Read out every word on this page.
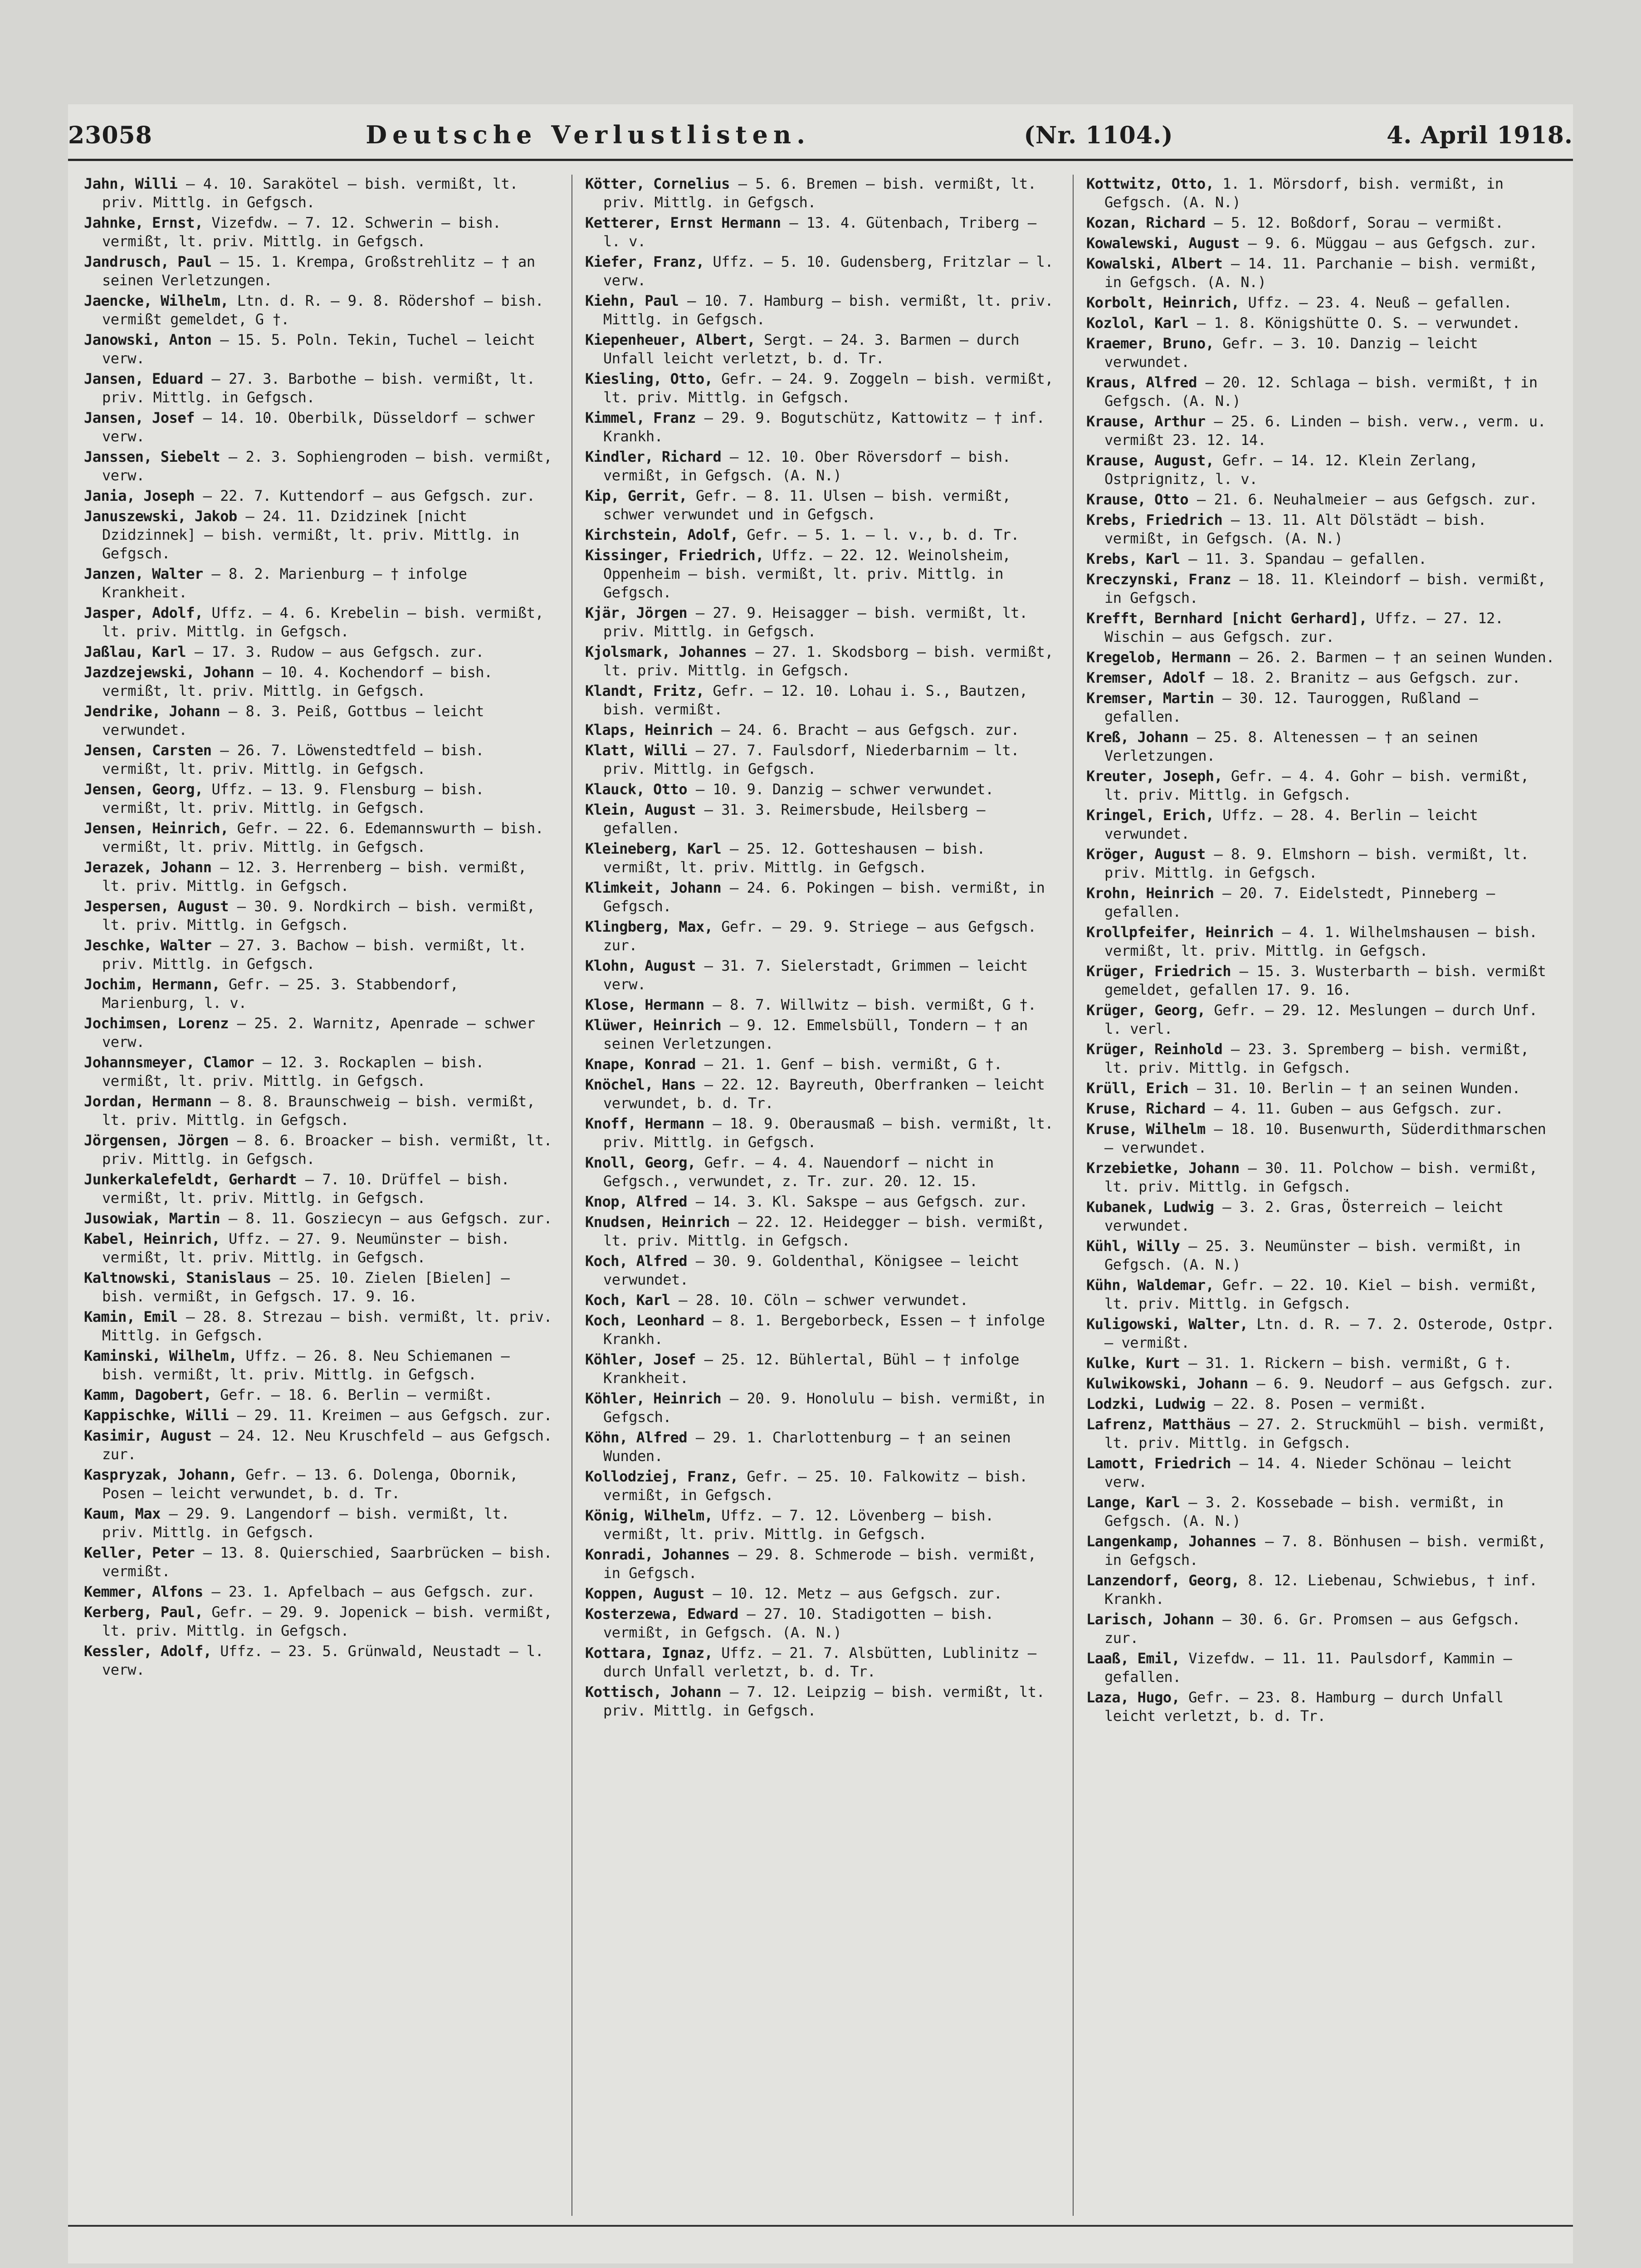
23058	Deutsche Verlustlisten.	(Nr. 1104.)	4. April 1918.
Jahn, Willi — 4. 10. Sarakötel — bish. vermißt, lt. priv. Mittlg. in Gefgsch.
Jahnke, Ernst, Vizefdw. — 7. 12. Schwerin — bish. vermißt, lt. priv. Mittlg. in Gefgsch.
Jandrusch, Paul — 15. 1. Krempa, Großstrehlitz — † an seinen Verletzungen.
Jaencke, Wilhelm, Ltn. d. R. — 9. 8. Rödershof — bish. vermißt gemeldet, G †.
Janowski, Anton — 15. 5. Poln. Tekin, Tuchel — leicht verw.
Jansen, Eduard — 27. 3. Barbothe — bish. vermißt, lt. priv. Mittlg. in Gefgsch.
Jansen, Josef — 14. 10. Oberbilk, Düsseldorf — schwer verw.
Janssen, Siebelt — 2. 3. Sophiengroden — bish. vermißt, verw.
Jania, Joseph — 22. 7. Kuttendorf — aus Gefgsch. zur.
Januszewski, Jakob — 24. 11. Dzidzinek [nicht Dzidzinnek] — bish. vermißt, lt. priv. Mittlg. in Gefgsch.
Janzen, Walter — 8. 2. Marienburg — † infolge Krankheit.
Jasper, Adolf, Uffz. — 4. 6. Krebelin — bish. vermißt, lt. priv. Mittlg. in Gefgsch.
Jaßlau, Karl — 17. 3. Rudow — aus Gefgsch. zur.
Jazdzejewski, Johann — 10. 4. Kochendorf — bish. vermißt, lt. priv. Mittlg. in Gefgsch.
Jendrike, Johann — 8. 3. Peiß, Gottbus — leicht verwundet.
Jensen, Carsten — 26. 7. Löwenstedtfeld — bish. vermißt, lt. priv. Mittlg. in Gefgsch.
Jensen, Georg, Uffz. — 13. 9. Flensburg — bish. vermißt, lt. priv. Mittlg. in Gefgsch.
Jensen, Heinrich, Gefr. — 22. 6. Edemannswurth — bish. vermißt, lt. priv. Mittlg. in Gefgsch.
Jerazek, Johann — 12. 3. Herrenberg — bish. vermißt, lt. priv. Mittlg. in Gefgsch.
Jespersen, August — 30. 9. Nordkirch — bish. vermißt, lt. priv. Mittlg. in Gefgsch.
Jeschke, Walter — 27. 3. Bachow — bish. vermißt, lt. priv. Mittlg. in Gefgsch.
Jochim, Hermann, Gefr. — 25. 3. Stabbendorf, Marienburg, l. v.
Jochimsen, Lorenz — 25. 2. Warnitz, Apenrade — schwer verw.
Johannsmeyer, Clamor — 12. 3. Rockaplen — bish. vermißt, lt. priv. Mittlg. in Gefgsch.
Jordan, Hermann — 8. 8. Braunschweig — bish. vermißt, lt. priv. Mittlg. in Gefgsch.
Jörgensen, Jörgen — 8. 6. Broacker — bish. vermißt, lt. priv. Mittlg. in Gefgsch.
Junkerkalefeldt, Gerhardt — 7. 10. Drüffel — bish. vermißt, lt. priv. Mittlg. in Gefgsch.
Jusowiak, Martin — 8. 11. Gosziecyn — aus Gefgsch. zur.
Kabel, Heinrich, Uffz. — 27. 9. Neumünster — bish. vermißt, lt. priv. Mittlg. in Gefgsch.
Kaltnowski, Stanislaus — 25. 10. Zielen [Bielen] — bish. vermißt, in Gefgsch. 17. 9. 16.
Kamin, Emil — 28. 8. Strezau — bish. vermißt, lt. priv. Mittlg. in Gefgsch.
Kaminski, Wilhelm, Uffz. — 26. 8. Neu Schiemanen — bish. vermißt, lt. priv. Mittlg. in Gefgsch.
Kamm, Dagobert, Gefr. — 18. 6. Berlin — vermißt.
Kappischke, Willi — 29. 11. Kreimen — aus Gefgsch. zur.
Kasimir, August — 24. 12. Neu Kruschfeld — aus Gefgsch. zur.
Kaspryzak, Johann, Gefr. — 13. 6. Dolenga, Obornik, Posen — leicht verwundet, b. d. Tr.
Kaum, Max — 29. 9. Langendorf — bish. vermißt, lt. priv. Mittlg. in Gefgsch.
Keller, Peter — 13. 8. Quierschied, Saarbrücken — bish. vermißt.
Kemmer, Alfons — 23. 1. Apfelbach — aus Gefgsch. zur.
Kerberg, Paul, Gefr. — 29. 9. Jopenick — bish. vermißt, lt. priv. Mittlg. in Gefgsch.
Kessler, Adolf, Uffz. — 23. 5. Grünwald, Neustadt — l. verw.
Kötter, Cornelius — 5. 6. Bremen — bish. vermißt, lt. priv. Mittlg. in Gefgsch.
Ketterer, Ernst Hermann — 13. 4. Gütenbach, Triberg — l. v.
Kiefer, Franz, Uffz. — 5. 10. Gudensberg, Fritzlar — l. verw.
Kiehn, Paul — 10. 7. Hamburg — bish. vermißt, lt. priv. Mittlg. in Gefgsch.
Kiepenheuer, Albert, Sergt. — 24. 3. Barmen — durch Unfall leicht verletzt, b. d. Tr.
Kiesling, Otto, Gefr. — 24. 9. Zoggeln — bish. vermißt, lt. priv. Mittlg. in Gefgsch.
Kimmel, Franz — 29. 9. Bogutschütz, Kattowitz — † inf. Krankh.
Kindler, Richard — 12. 10. Ober Röversdorf — bish. vermißt, in Gefgsch. (A. N.)
Kip, Gerrit, Gefr. — 8. 11. Ulsen — bish. vermißt, schwer verwundet und in Gefgsch.
Kirchstein, Adolf, Gefr. — 5. 1. — l. v., b. d. Tr.
Kissinger, Friedrich, Uffz. — 22. 12. Weinolsheim, Oppenheim — bish. vermißt, lt. priv. Mittlg. in Gefgsch.
Kjär, Jörgen — 27. 9. Heisagger — bish. vermißt, lt. priv. Mittlg. in Gefgsch.
Kjolsmark, Johannes — 27. 1. Skodsborg — bish. vermißt, lt. priv. Mittlg. in Gefgsch.
Klandt, Fritz, Gefr. — 12. 10. Lohau i. S., Bautzen, bish. vermißt.
Klaps, Heinrich — 24. 6. Bracht — aus Gefgsch. zur.
Klatt, Willi — 27. 7. Faulsdorf, Niederbarnim — lt. priv. Mittlg. in Gefgsch.
Klauck, Otto — 10. 9. Danzig — schwer verwundet.
Klein, August — 31. 3. Reimersbude, Heilsberg — gefallen.
Kleineberg, Karl — 25. 12. Gotteshausen — bish. vermißt, lt. priv. Mittlg. in Gefgsch.
Klimkeit, Johann — 24. 6. Pokingen — bish. vermißt, in Gefgsch.
Klingberg, Max, Gefr. — 29. 9. Striege — aus Gefgsch. zur.
Klohn, August — 31. 7. Sielerstadt, Grimmen — leicht verw.
Klose, Hermann — 8. 7. Willwitz — bish. vermißt, G †.
Klüwer, Heinrich — 9. 12. Emmelsbüll, Tondern — † an seinen Verletzungen.
Knape, Konrad — 21. 1. Genf — bish. vermißt, G †.
Knöchel, Hans — 22. 12. Bayreuth, Oberfranken — leicht verwundet, b. d. Tr.
Knoff, Hermann — 18. 9. Oberausmaß — bish. vermißt, lt. priv. Mittlg. in Gefgsch.
Knoll, Georg, Gefr. — 4. 4. Nauendorf — nicht in Gefgsch., verwundet, z. Tr. zur. 20. 12. 15.
Knop, Alfred — 14. 3. Kl. Sakspe — aus Gefgsch. zur.
Knudsen, Heinrich — 22. 12. Heidegger — bish. vermißt, lt. priv. Mittlg. in Gefgsch.
Koch, Alfred — 30. 9. Goldenthal, Königsee — leicht verwundet.
Koch, Karl — 28. 10. Cöln — schwer verwundet.
Koch, Leonhard — 8. 1. Bergeborbeck, Essen — † infolge Krankh.
Köhler, Josef — 25. 12. Bühlertal, Bühl — † infolge Krankheit.
Köhler, Heinrich — 20. 9. Honolulu — bish. vermißt, in Gefgsch.
Köhn, Alfred — 29. 1. Charlottenburg — † an seinen Wunden.
Kollodziej, Franz, Gefr. — 25. 10. Falkowitz — bish. vermißt, in Gefgsch.
König, Wilhelm, Uffz. — 7. 12. Lövenberg — bish. vermißt, lt. priv. Mittlg. in Gefgsch.
Konradi, Johannes — 29. 8. Schmerode — bish. vermißt, in Gefgsch.
Koppen, August — 10. 12. Metz — aus Gefgsch. zur.
Kosterzewa, Edward — 27. 10. Stadigotten — bish. vermißt, in Gefgsch. (A. N.)
Kottara, Ignaz, Uffz. — 21. 7. Alsbütten, Lublinitz — durch Unfall verletzt, b. d. Tr.
Kottisch, Johann — 7. 12. Leipzig — bish. vermißt, lt. priv. Mittlg. in Gefgsch.
Kottwitz, Otto, 1. 1. Mörsdorf, bish. vermißt, in Gefgsch. (A. N.)
Kozan, Richard — 5. 12. Boßdorf, Sorau — vermißt.
Kowalewski, August — 9. 6. Müggau — aus Gefgsch. zur.
Kowalski, Albert — 14. 11. Parchanie — bish. vermißt, in Gefgsch. (A. N.)
Korbolt, Heinrich, Uffz. — 23. 4. Neuß — gefallen.
Kozlol, Karl — 1. 8. Königshütte O. S. — verwundet.
Kraemer, Bruno, Gefr. — 3. 10. Danzig — leicht verwundet.
Kraus, Alfred — 20. 12. Schlaga — bish. vermißt, † in Gefgsch. (A. N.)
Krause, Arthur — 25. 6. Linden — bish. verw., verm. u. vermißt 23. 12. 14.
Krause, August, Gefr. — 14. 12. Klein Zerlang, Ostprignitz, l. v.
Krause, Otto — 21. 6. Neuhalmeier — aus Gefgsch. zur.
Krebs, Friedrich — 13. 11. Alt Dölstädt — bish. vermißt, in Gefgsch. (A. N.)
Krebs, Karl — 11. 3. Spandau — gefallen.
Kreczynski, Franz — 18. 11. Kleindorf — bish. vermißt, in Gefgsch.
Krefft, Bernhard [nicht Gerhard], Uffz. — 27. 12. Wischin — aus Gefgsch. zur.
Kregelob, Hermann — 26. 2. Barmen — † an seinen Wunden.
Kremser, Adolf — 18. 2. Branitz — aus Gefgsch. zur.
Kremser, Martin — 30. 12. Tauroggen, Rußland — gefallen.
Kreß, Johann — 25. 8. Altenessen — † an seinen Verletzungen.
Kreuter, Joseph, Gefr. — 4. 4. Gohr — bish. vermißt, lt. priv. Mittlg. in Gefgsch.
Kringel, Erich, Uffz. — 28. 4. Berlin — leicht verwundet.
Kröger, August — 8. 9. Elmshorn — bish. vermißt, lt. priv. Mittlg. in Gefgsch.
Krohn, Heinrich — 20. 7. Eidelstedt, Pinneberg — gefallen.
Krollpfeifer, Heinrich — 4. 1. Wilhelmshausen — bish. vermißt, lt. priv. Mittlg. in Gefgsch.
Krüger, Friedrich — 15. 3. Wusterbarth — bish. vermißt gemeldet, gefallen 17. 9. 16.
Krüger, Georg, Gefr. — 29. 12. Meslungen — durch Unf. l. verl.
Krüger, Reinhold — 23. 3. Spremberg — bish. vermißt, lt. priv. Mittlg. in Gefgsch.
Krüll, Erich — 31. 10. Berlin — † an seinen Wunden.
Kruse, Richard — 4. 11. Guben — aus Gefgsch. zur.
Kruse, Wilhelm — 18. 10. Busenwurth, Süderdithmarschen — verwundet.
Krzebietke, Johann — 30. 11. Polchow — bish. vermißt, lt. priv. Mittlg. in Gefgsch.
Kubanek, Ludwig — 3. 2. Gras, Österreich — leicht verwundet.
Kühl, Willy — 25. 3. Neumünster — bish. vermißt, in Gefgsch. (A. N.)
Kühn, Waldemar, Gefr. — 22. 10. Kiel — bish. vermißt, lt. priv. Mittlg. in Gefgsch.
Kuligowski, Walter, Ltn. d. R. — 7. 2. Osterode, Ostpr. — vermißt.
Kulke, Kurt — 31. 1. Rickern — bish. vermißt, G †.
Kulwikowski, Johann — 6. 9. Neudorf — aus Gefgsch. zur.
Lodzki, Ludwig — 22. 8. Posen — vermißt.
Lafrenz, Matthäus — 27. 2. Struckmühl — bish. vermißt, lt. priv. Mittlg. in Gefgsch.
Lamott, Friedrich — 14. 4. Nieder Schönau — leicht verw.
Lange, Karl — 3. 2. Kossebade — bish. vermißt, in Gefgsch. (A. N.)
Langenkamp, Johannes — 7. 8. Bönhusen — bish. vermißt, in Gefgsch.
Lanzendorf, Georg, 8. 12. Liebenau, Schwiebus, † inf. Krankh.
Larisch, Johann — 30. 6. Gr. Promsen — aus Gefgsch. zur.
Laaß, Emil, Vizefdw. — 11. 11. Paulsdorf, Kammin — gefallen.
Laza, Hugo, Gefr. — 23. 8. Hamburg — durch Unfall leicht verletzt, b. d. Tr.
